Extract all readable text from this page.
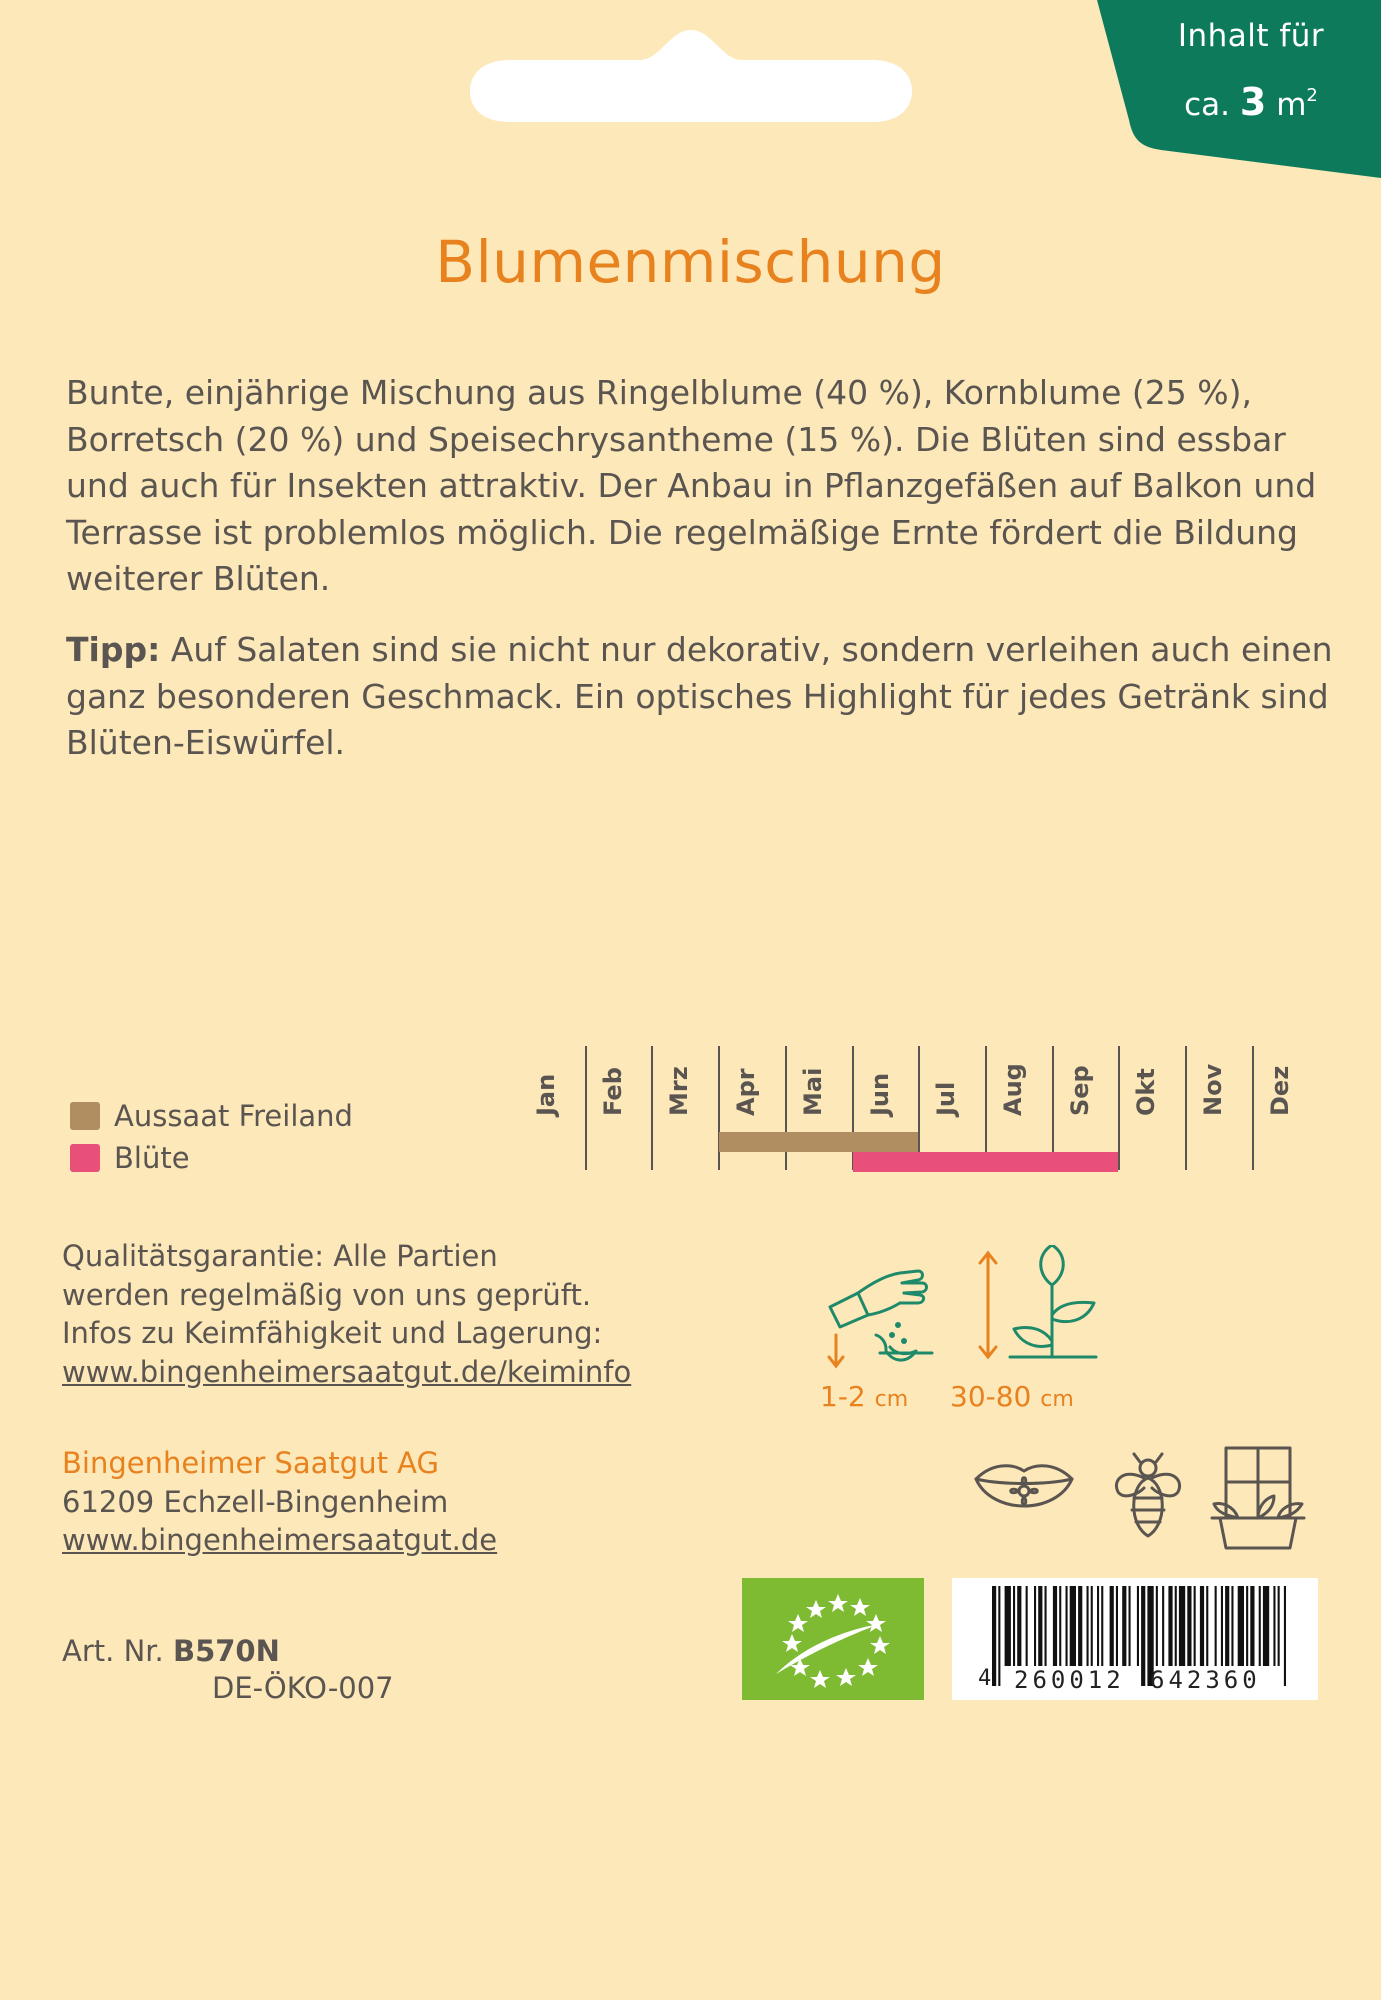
Inhalt für
ca. 3 $m^2$
Blumenmischung

Bunte, einjährige Mischung aus Ringelblume (40 %), Kornblume (25 %), Borretsch (20 %) und Speisechrysantheme (15 %). Die Blüten sind essbar und auch für Insekten attraktiv. Der Anbau in Pflanzgefäßen auf Balkon und Terrasse ist problemlos möglich. Die regelmäßige Ernte fördert die Bildung weiterer Blüten.

Tipp: Auf Salaten sind sie nicht nur dekorativ, sondern verleihen auch einen ganz besonderen Geschmack. Ein optisches Highlight für jedes Getränk sind Blüten-Eiswürfel.

Aussaat Freiland
Blüte
Jan Feb Mrz Apr Mai Jun Jul Aug Sep Okt Nov Dez
Qualitätsgarantie: Alle Partien
werden regelmäßig von uns geprüft.
Infos zu Keimfähigkeit und Lagerung:
www.bingenheimersaatgut.de/keiminfo
Bingenheimer Saatgut AG
61209 Echzell-Bingenheim
www.bingenheimersaatgut.de
Art. Nr. B570N
DE-ÖKO-007
1-2 cm 30-80 cm
4 260012 642360
